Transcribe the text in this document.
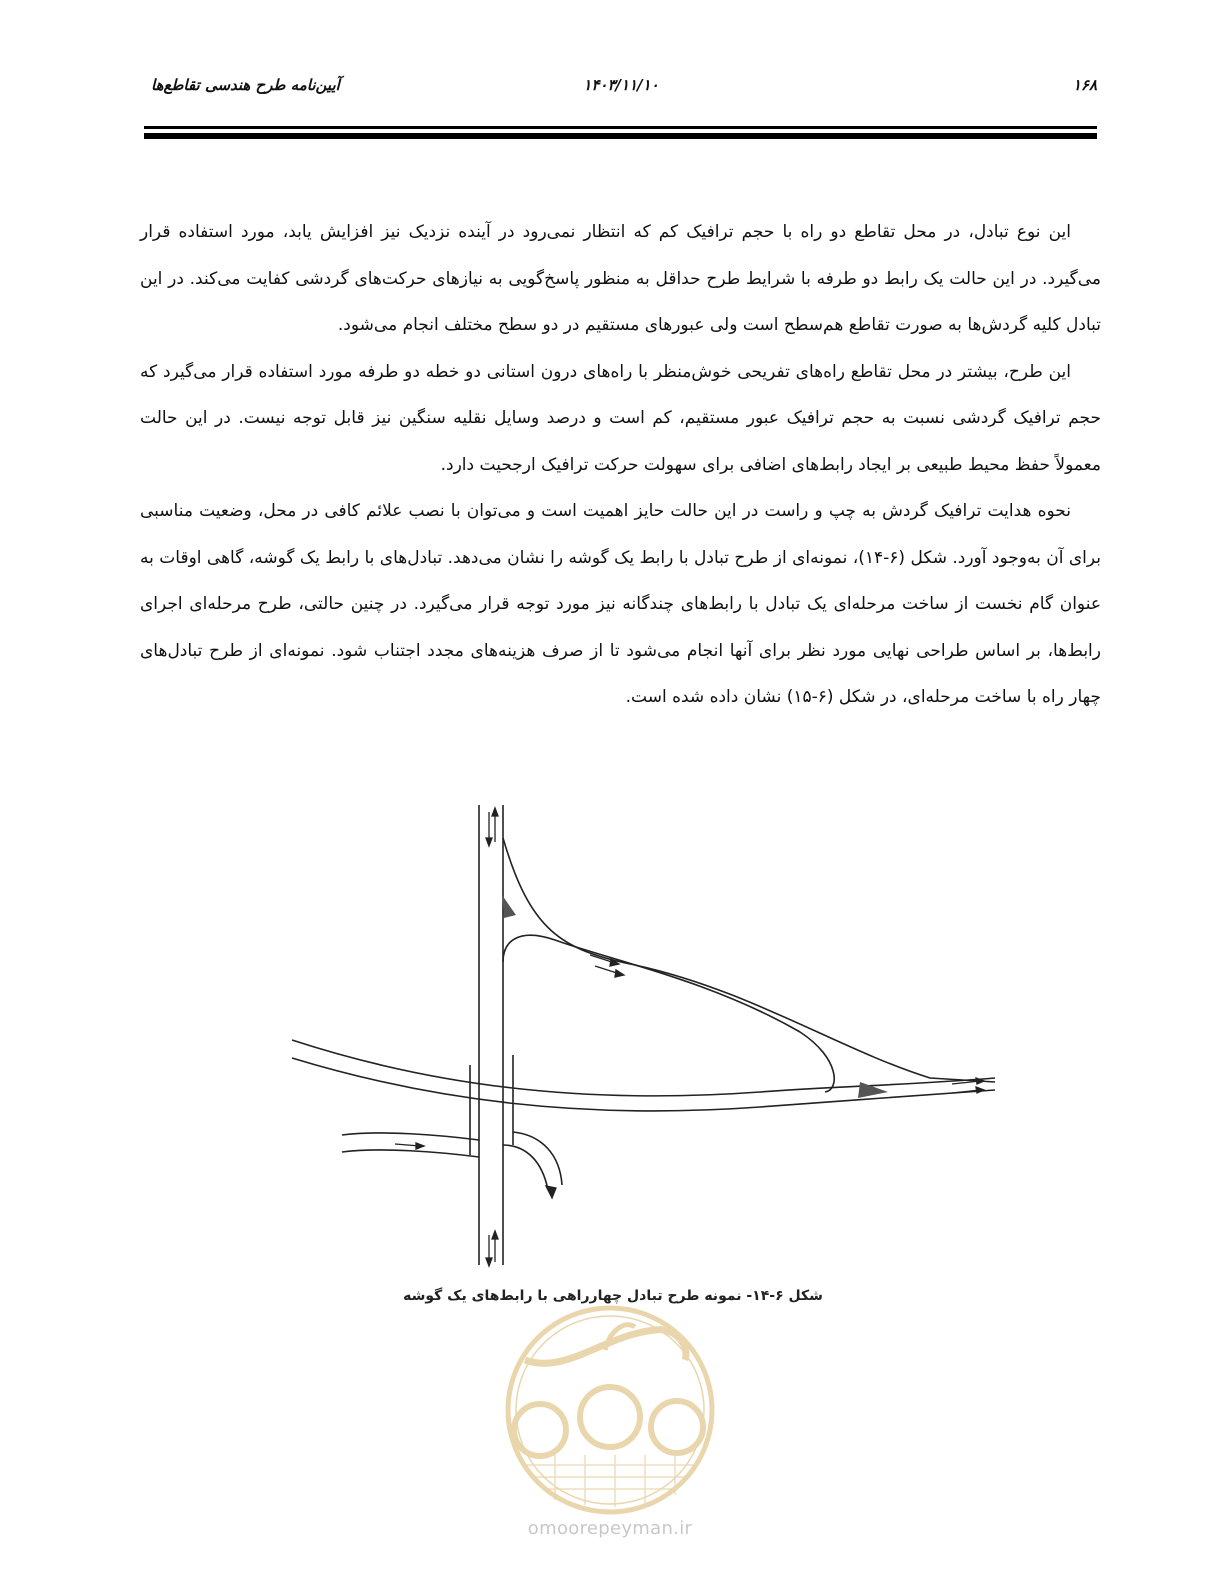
۱۶۸
۱۴۰۳/۱۱/۱۰
آیین‌نامه طرح هندسی تقاطع‌ها

این نوع تبادل، در محل تقاطع دو راه با حجم ترافیک کم که انتظار نمی‌رود در آینده نزدیک نیز افزایش یابد، مورد استفاده قرار می‌گیرد. در این حالت یک رابط دو طرفه با شرایط طرح حداقل به منظور پاسخ‌گویی به نیازهای حرکت‌های گردشی کفایت می‌کند. در این تبادل کلیه گردش‌ها به صورت تقاطع هم‌سطح است ولی عبورهای مستقیم در دو سطح مختلف انجام می‌شود.

این طرح، بیشتر در محل تقاطع راه‌های تفریحی خوش‌منظر با راه‌های درون استانی دو خطه دو طرفه مورد استفاده قرار می‌گیرد که حجم ترافیک گردشی نسبت به حجم ترافیک عبور مستقیم، کم است و درصد وسایل نقلیه سنگین نیز قابل توجه نیست. در این حالت معمولاً حفظ محیط طبیعی بر ایجاد رابط‌های اضافی برای سهولت حرکت ترافیک ارجحیت دارد.

نحوه هدایت ترافیک گردش به چپ و راست در این حالت حایز اهمیت است و می‌توان با نصب علائم کافی در محل، وضعیت مناسبی برای آن به‌وجود آورد. شکل (۶-۱۴)، نمونه‌ای از طرح تبادل با رابط یک گوشه را نشان می‌دهد. تبادل‌های با رابط یک گوشه، گاهی اوقات به عنوان گام نخست از ساخت مرحله‌ای یک تبادل با رابط‌های چندگانه نیز مورد توجه قرار می‌گیرد. در چنین حالتی، طرح مرحله‌ای اجرای رابط‌ها، بر اساس طراحی نهایی مورد نظر برای آنها انجام می‌شود تا از صرف هزینه‌های مجدد اجتناب شود. نمونه‌ای از طرح تبادل‌های چهار راه با ساخت مرحله‌ای، در شکل (۶-۱۵) نشان داده شده است.

شکل ۶-۱۴- نمونه طرح تبادل چهارراهی با رابط‌های یک گوشه
omoorepeyman.ir
